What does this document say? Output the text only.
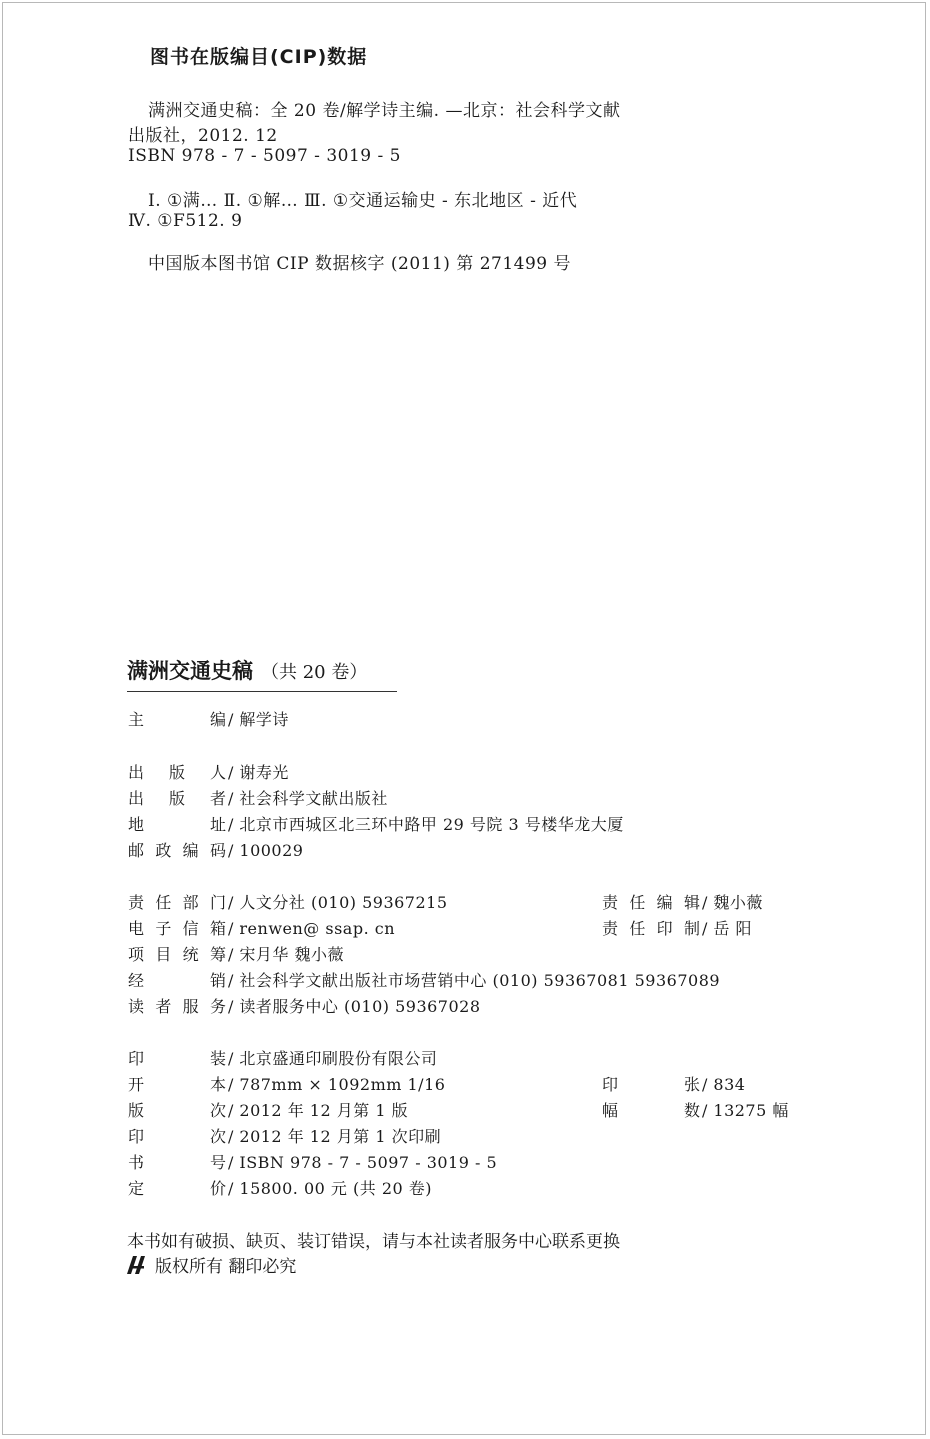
图书在版编目(CIP)数据
满洲交通史稿：全 20 卷/解学诗主编. —北京：社会科学文献
出版社，2012. 12
ISBN 978 - 7 - 5097 - 3019 - 5
Ⅰ. ①满… Ⅱ. ①解… Ⅲ. ①交通运输史 - 东北地区 - 近代
Ⅳ. ①F512. 9
中国版本图书馆 CIP 数据核字 (2011) 第 271499 号
满洲交通史稿 （共 20 卷）
主编 / 解学诗
出版人 / 谢寿光
出版者 / 社会科学文献出版社
地址 / 北京市西城区北三环中路甲 29 号院 3 号楼华龙大厦
邮政编码 / 100029
责任部门 / 人文分社 (010) 59367215	责任编辑 / 魏小薇
电子信箱 / renwen@ ssap. cn	责任印制 / 岳 阳
项目统筹 / 宋月华 魏小薇
经销 / 社会科学文献出版社市场营销中心 (010) 59367081 59367089
读者服务 / 读者服务中心 (010) 59367028
印装 / 北京盛通印刷股份有限公司
开本 / 787mm × 1092mm 1/16	印张 / 834
版次 / 2012 年 12 月第 1 版	幅数 / 13275 幅
印次 / 2012 年 12 月第 1 次印刷
书号 / ISBN 978 - 7 - 5097 - 3019 - 5
定价 / 15800. 00 元 (共 20 卷)
本书如有破损、缺页、装订错误，请与本社读者服务中心联系更换
版权所有 翻印必究
